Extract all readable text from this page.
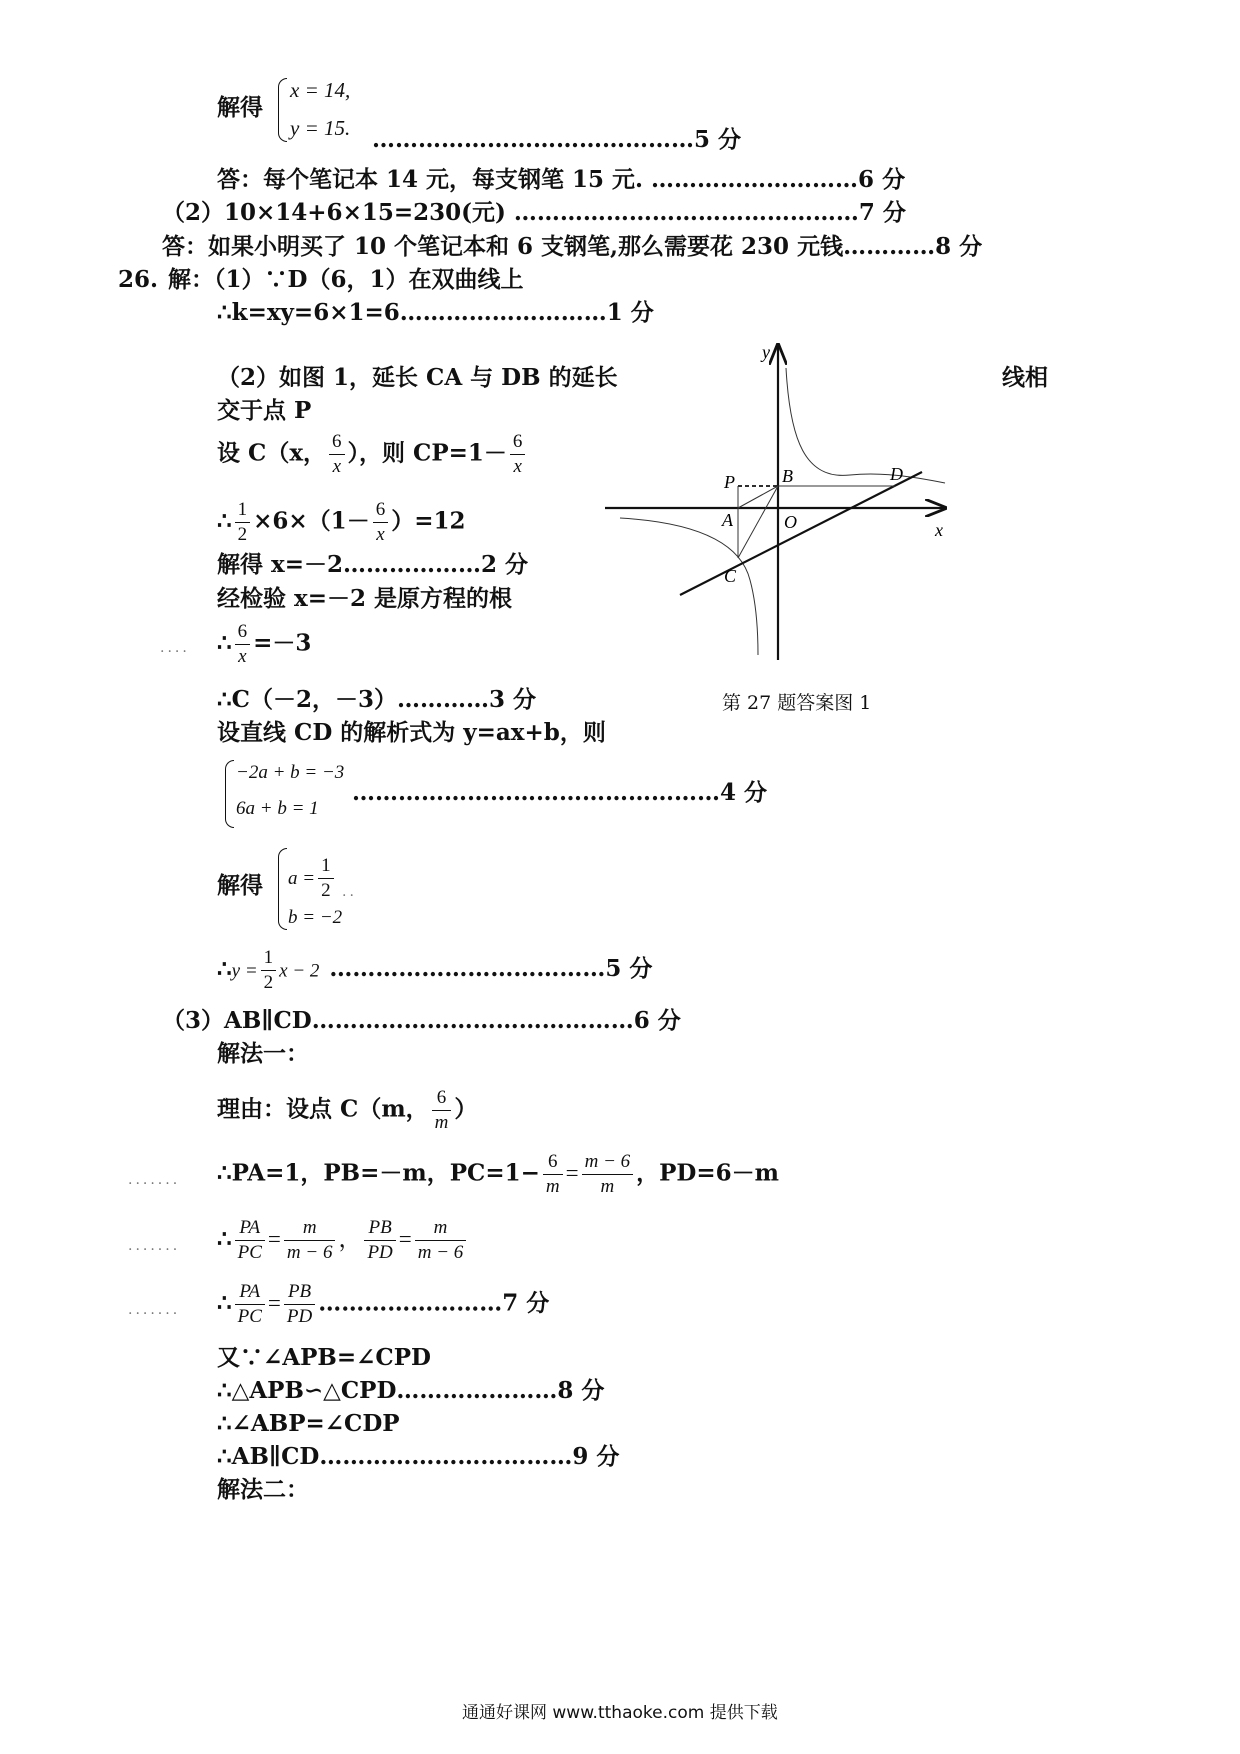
解得
x = 14,
y = 15. ……………………………………5 分
答：每个笔记本 14 元，每支钢笔 15 元. ………………………6 分
（2）10×14+6×15=230(元) ………………………………………7 分
答：如果小明买了 10 个笔记本和 6 支钢笔,那么需要花 230 元钱…………8 分
26. 解：（1）∵D（6，1）在双曲线上
∴k=xy=6×1=6………………………1 分
（2）如图 1，延长 CA 与 DB 的延长	线相
交于点 P
设 C（x， $\frac{6}{x}$ ），则 $CP=1- \frac{6}{x}$
∴ $\frac{1}{2} \times 6\times(1- \frac{6}{x} )=12$
解得 x=－2………………2 分
经检验 x=－2 是原方程的根
.... ∴ $\frac{6}{x} =-3$
∴C（－2，－3）…………3 分
设直线 CD 的解析式为 y=ax+b，则
−2a + b = −3
6a + b = 1
…………………………………………4 分
解得 $a = \frac{1}{2}$
b = −2
..
∴y = $\frac{1}{2}$ x − 2 ………………………………5 分
（3）AB∥CD……………………………………6 分
解法一：
理由：设点 C（m， $\frac{6}{m}$ ）
....... ∴PA=1，PB=－m，$PC=1- \frac{6}{m} = \frac{m - 6}{m}$ ，PD=6－m
....... ∴ $\frac{PA}{PC} = \frac{m}{m - 6}$ ， $\frac{PB}{PD} = \frac{m}{m - 6}$
....... ∴ $\frac{PA}{PC} = \frac{PB}{PD}$ ……………………7 分
又∵∠APB=∠CPD
∴△APB∽△CPD…………………8 分
∴∠ABP=∠CDP
∴AB∥CD……………………………9 分
解法二：
y
x
P	B	D
A	O
C
第 27 题答案图 1
通通好课网 www.tthaoke.com 提供下载
